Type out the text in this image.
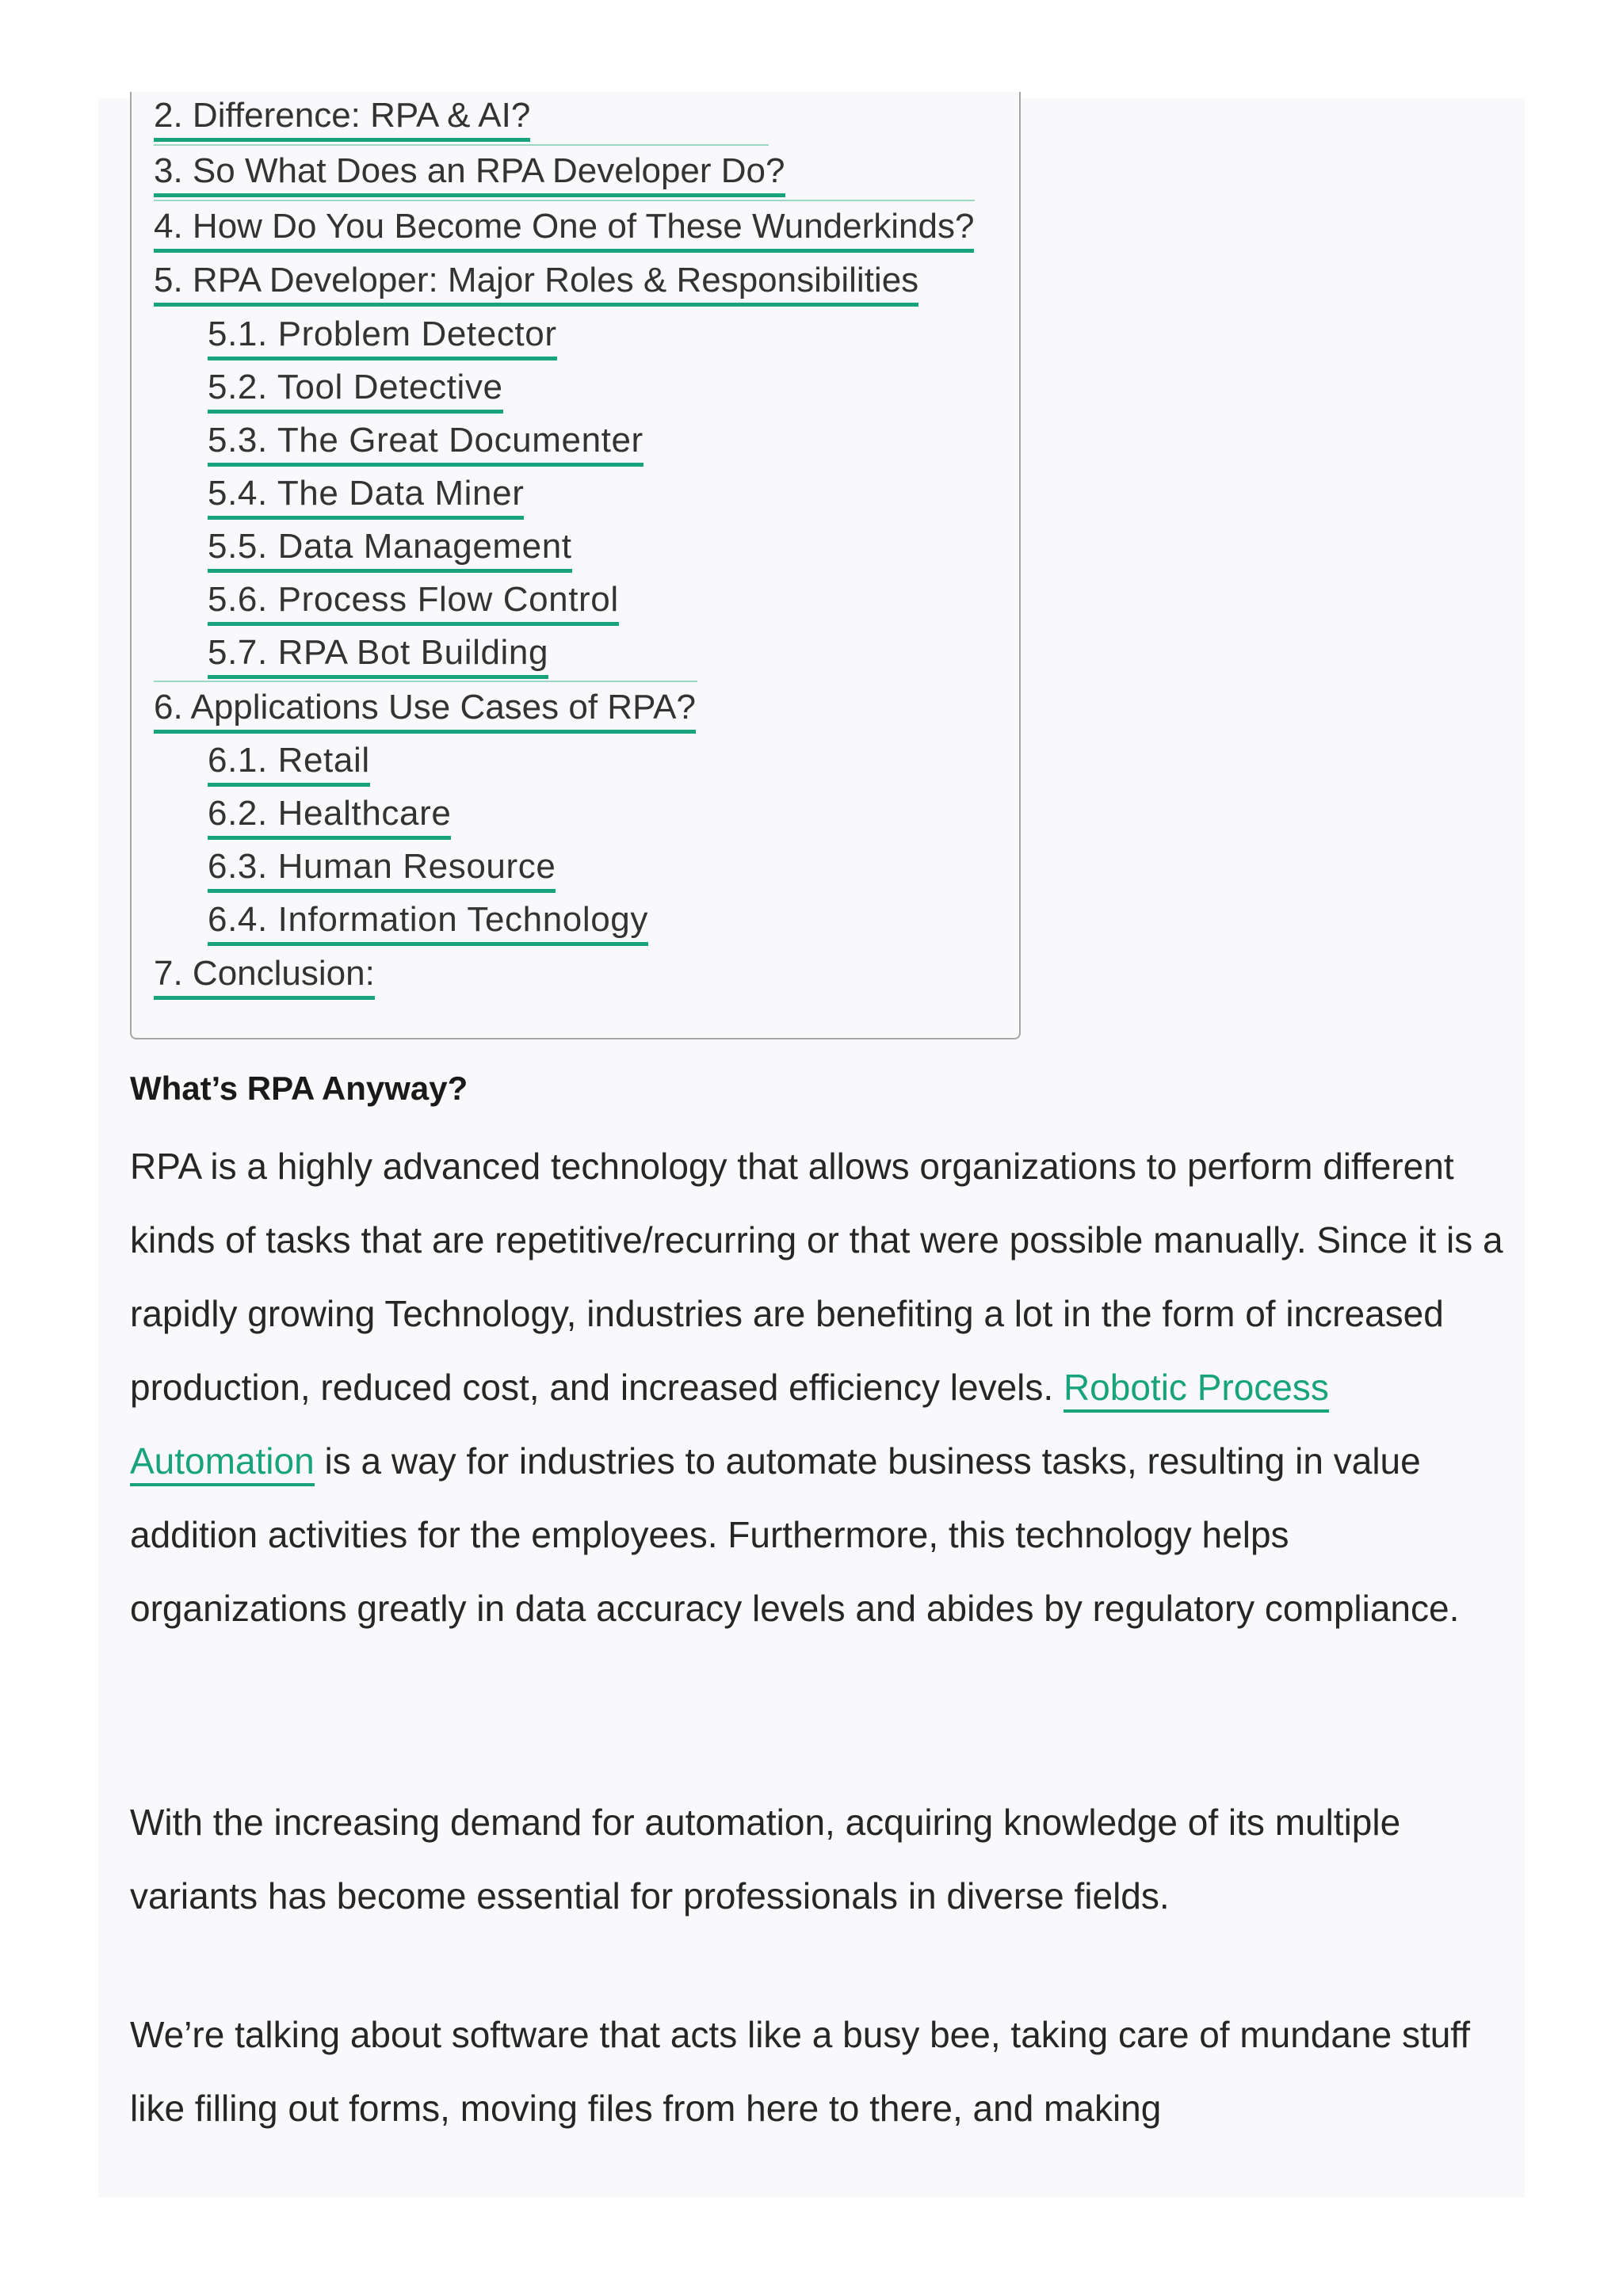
2. Difference: RPA & AI?
3. So What Does an RPA Developer Do?
4. How Do You Become One of These Wunderkinds?
5. RPA Developer: Major Roles & Responsibilities
5.1. Problem Detector
5.2. Tool Detective
5.3. The Great Documenter
5.4. The Data Miner
5.5. Data Management
5.6. Process Flow Control
5.7. RPA Bot Building
6. Applications Use Cases of RPA?
6.1. Retail
6.2. Healthcare
6.3. Human Resource
6.4. Information Technology
7. Conclusion:
What’s RPA Anyway?

RPA is a highly advanced technology that allows organizations to perform different kinds of tasks that are repetitive/recurring or that were possible manually. Since it is a rapidly growing Technology, industries are benefiting a lot in the form of increased production, reduced cost, and increased efficiency levels. Robotic Process Automation is a way for industries to automate business tasks, resulting in value addition activities for the employees. Furthermore, this technology helps organizations greatly in data accuracy levels and abides by regulatory compliance.

With the increasing demand for automation, acquiring knowledge of its multiple variants has become essential for professionals in diverse fields.

We’re talking about software that acts like a busy bee, taking care of mundane stuff like filling out forms, moving files from here to there, and making
